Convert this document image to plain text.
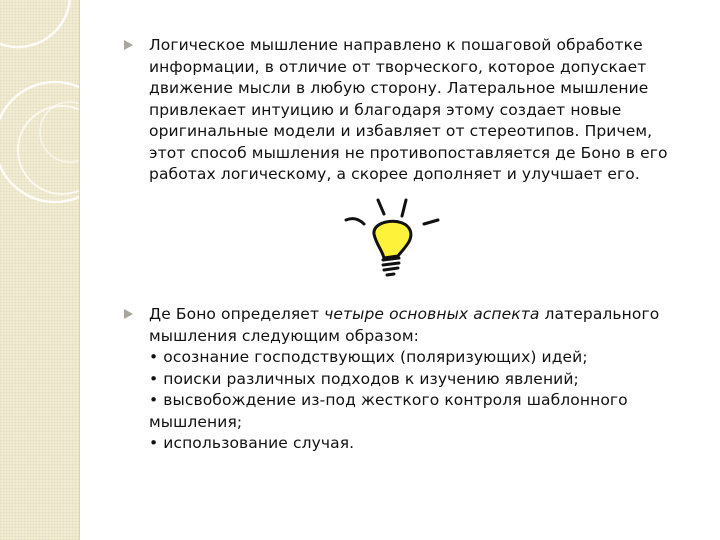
Логическое мышление направлено к пошаговой обработке
информации, в отличие от творческого, которое допускает
движение мысли в любую сторону. Латеральное мышление
привлекает интуицию и благодаря этому создает новые
оригинальные модели и избавляет от стереотипов. Причем,
этот способ мышления не противопоставляется де Боно в его
работах логическому, а скорее дополняет и улучшает его.

Де Боно определяет четыре основных аспекта латерального
мышления следующим образом:
• осознание господствующих (поляризующих) идей;
• поиски различных подходов к изучению явлений;
• высвобождение из-под жесткого контроля шаблонного
мышления;
• использование случая.
